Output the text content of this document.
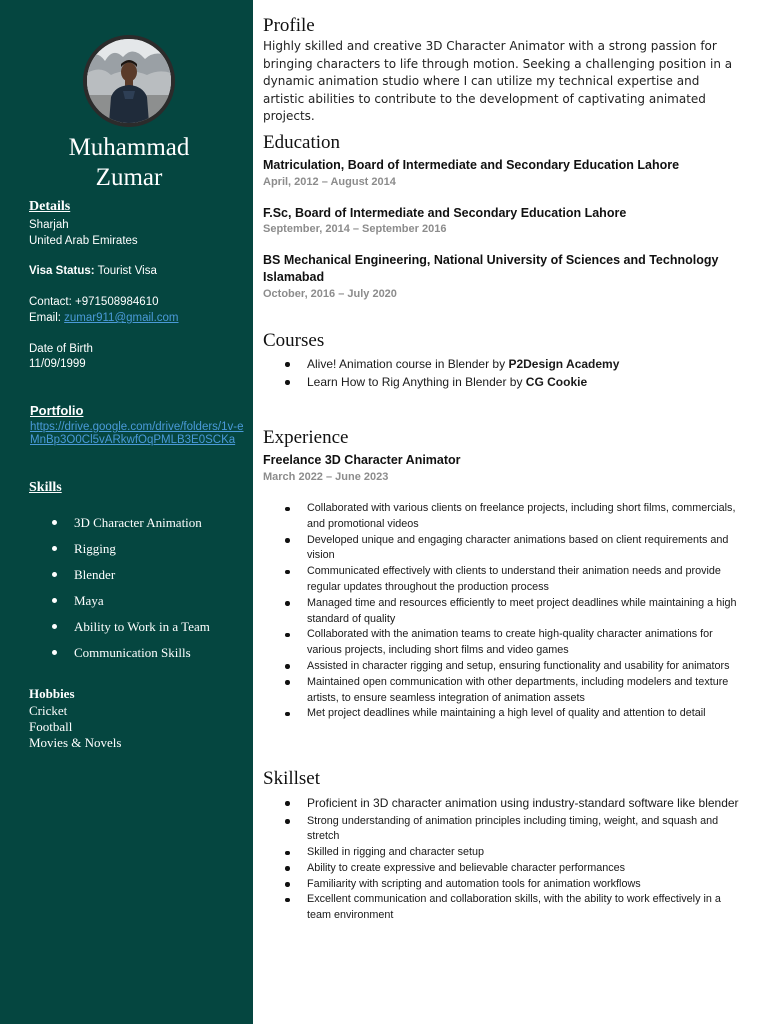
Muhammad
Zumar
Details
Sharjah
United Arab Emirates
Visa Status: Tourist Visa
Contact: +971508984610
Email: zumar911@gmail.com
Date of Birth
11/09/1999
Portfolio
https://drive.google.com/drive/folders/1v-eMnBp3O0Cl5vARkwfOqPMLB3E0SCKa
Skills
3D Character Animation
Rigging
Blender
Maya
Ability to Work in a Team
Communication Skills
Hobbies
Cricket
Football
Movies & Novels
Profile
Highly skilled and creative 3D Character Animator with a strong passion for bringing characters to life through motion. Seeking a challenging position in a dynamic animation studio where I can utilize my technical expertise and artistic abilities to contribute to the development of captivating animated projects.
Education
Matriculation, Board of Intermediate and Secondary Education Lahore
April, 2012 – August 2014
F.Sc, Board of Intermediate and Secondary Education Lahore
September, 2014 – September 2016
BS Mechanical Engineering, National University of Sciences and Technology Islamabad
October, 2016 – July 2020
Courses
Alive! Animation course in Blender by P2Design Academy
Learn How to Rig Anything in Blender by CG Cookie
Experience
Freelance 3D Character Animator
March 2022 – June 2023
Collaborated with various clients on freelance projects, including short films, commercials, and promotional videos
Developed unique and engaging character animations based on client requirements and vision
Communicated effectively with clients to understand their animation needs and provide regular updates throughout the production process
Managed time and resources efficiently to meet project deadlines while maintaining a high standard of quality
Collaborated with the animation teams to create high-quality character animations for various projects, including short films and video games
Assisted in character rigging and setup, ensuring functionality and usability for animators
Maintained open communication with other departments, including modelers and texture artists, to ensure seamless integration of animation assets
Met project deadlines while maintaining a high level of quality and attention to detail
Skillset
Proficient in 3D character animation using industry-standard software like blender
Strong understanding of animation principles including timing, weight, and squash and stretch
Skilled in rigging and character setup
Ability to create expressive and believable character performances
Familiarity with scripting and automation tools for animation workflows
Excellent communication and collaboration skills, with the ability to work effectively in a team environment
